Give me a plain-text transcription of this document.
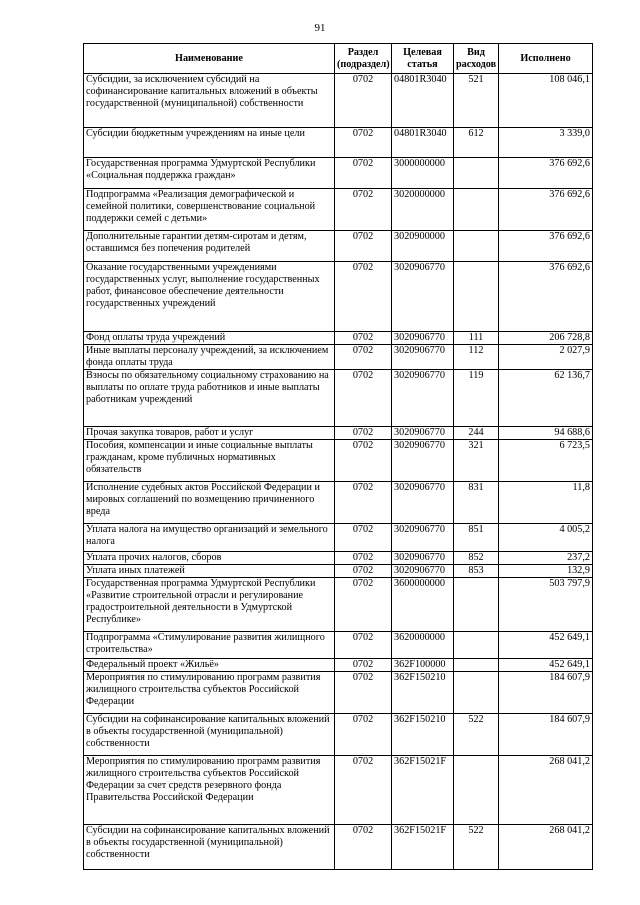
91
Наименование	Раздел (подраздел)	Целевая статья	Вид расходов	Исполнено
Субсидии, за исключением субсидий на софинансирование капитальных вложений в объекты государственной (муниципальной) собственности	0702	04801R3040	521	108 046,1
Субсидии бюджетным учреждениям на иные цели	0702	04801R3040	612	3 339,0
Государственная программа Удмуртской Республики «Социальная поддержка граждан»	0702	3000000000		376 692,6
Подпрограмма «Реализация демографической и семейной политики, совершенствование социальной поддержки семей с детьми»	0702	3020000000		376 692,6
Дополнительные гарантии детям-сиротам и детям, оставшимся без попечения родителей	0702	3020900000		376 692,6
Оказание государственными учреждениями государственных услуг, выполнение государственных работ, финансовое обеспечение деятельности государственных учреждений	0702	3020906770		376 692,6
Фонд оплаты труда учреждений	0702	3020906770	111	206 728,8
Иные выплаты персоналу учреждений, за исключением фонда оплаты труда	0702	3020906770	112	2 027,9
Взносы по обязательному социальному страхованию на выплаты по оплате труда работников и иные выплаты работникам учреждений	0702	3020906770	119	62 136,7
Прочая закупка товаров, работ и услуг	0702	3020906770	244	94 688,6
Пособия, компенсации и иные социальные выплаты гражданам, кроме публичных нормативных обязательств	0702	3020906770	321	6 723,5
Исполнение судебных актов Российской Федерации и мировых соглашений по возмещению причиненного вреда	0702	3020906770	831	11,8
Уплата налога на имущество организаций и земельного налога	0702	3020906770	851	4 005,2
Уплата прочих налогов, сборов	0702	3020906770	852	237,2
Уплата иных платежей	0702	3020906770	853	132,9
Государственная программа Удмуртской Республики «Развитие строительной отрасли и регулирование градостроительной деятельности в Удмуртской Республике»	0702	3600000000		503 797,9
Подпрограмма «Стимулирование развития жилищного строительства»	0702	3620000000		452 649,1
Федеральный проект «Жильё»	0702	362F100000		452 649,1
Мероприятия по стимулированию программ развития жилищного строительства субъектов Российской Федерации	0702	362F150210		184 607,9
Субсидии на софинансирование капитальных вложений в объекты государственной (муниципальной) собственности	0702	362F150210	522	184 607,9
Мероприятия по стимулированию программ развития жилищного строительства субъектов Российской Федерации за счет средств резервного фонда Правительства Российской Федерации	0702	362F15021F		268 041,2
Субсидии на софинансирование капитальных вложений в объекты государственной (муниципальной) собственности	0702	362F15021F	522	268 041,2
